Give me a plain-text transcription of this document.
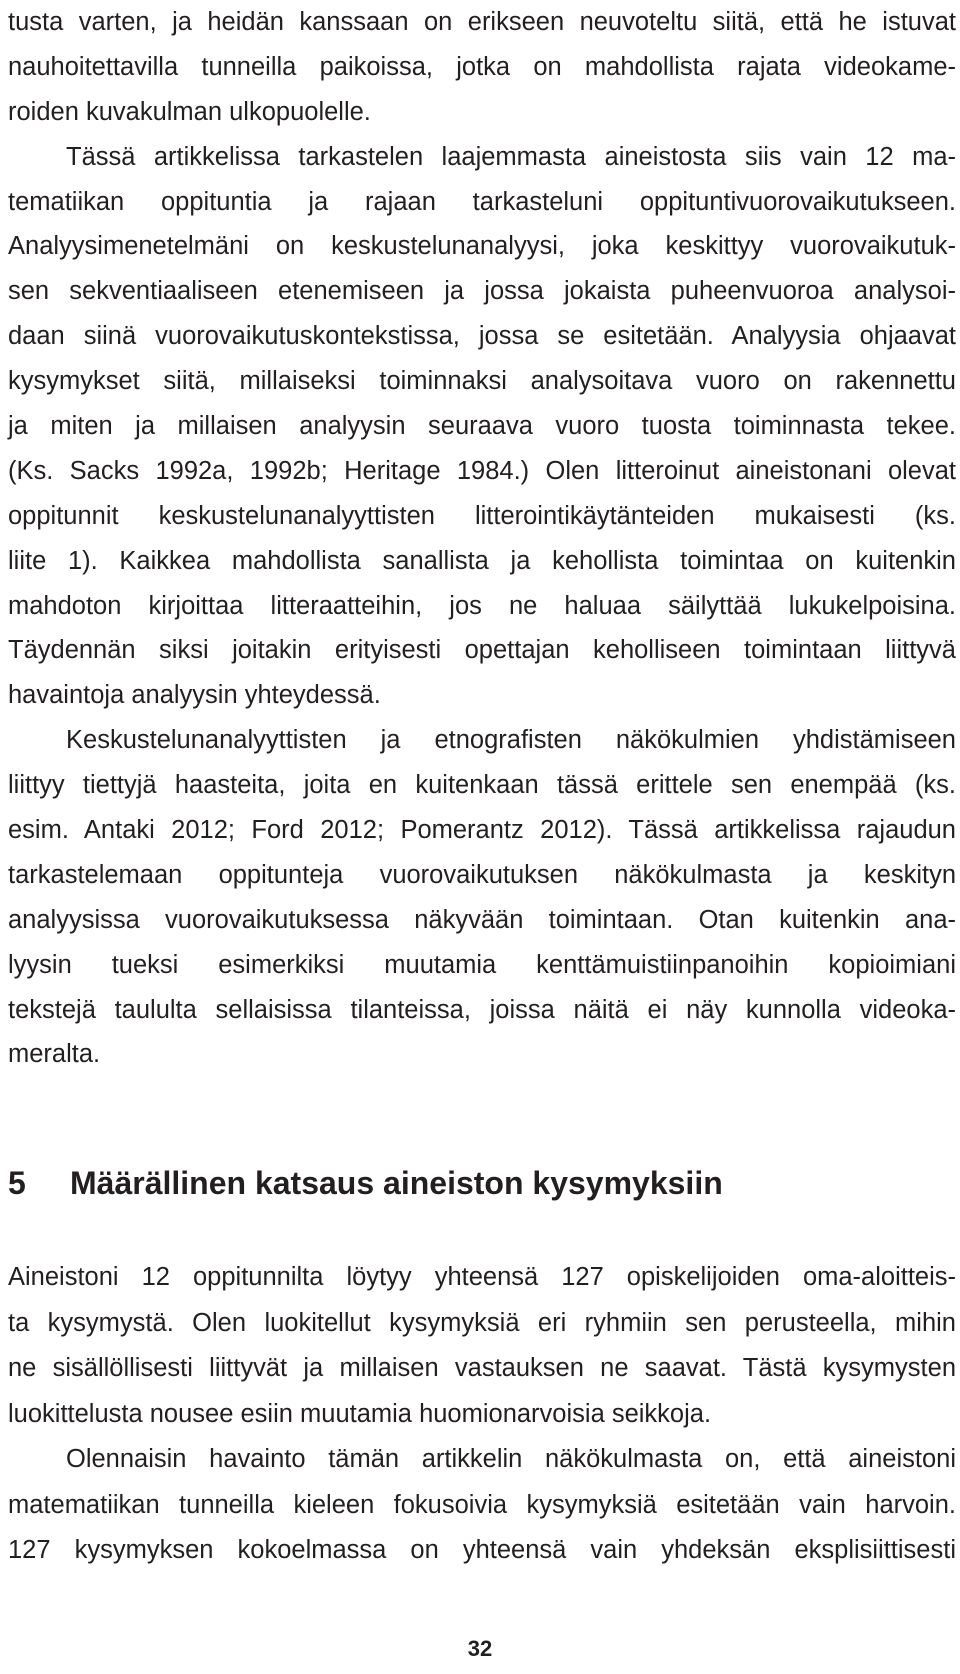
tusta varten, ja heidän kanssaan on erikseen neuvoteltu siitä, että he istuvat
nauhoitettavilla tunneilla paikoissa, jotka on mahdollista rajata videokame-
roiden kuvakulman ulkopuolelle.
Tässä artikkelissa tarkastelen laajemmasta aineistosta siis vain 12 ma-
tematiikan oppituntia ja rajaan tarkasteluni oppituntivuorovaikutukseen.
Analyysimenetelmäni on keskustelunanalyysi, joka keskittyy vuorovaikutuk-
sen sekventiaaliseen etenemiseen ja jossa jokaista puheenvuoroa analysoi-
daan siinä vuorovaikutuskontekstissa, jossa se esitetään. Analyysia ohjaavat
kysymykset siitä, millaiseksi toiminnaksi analysoitava vuoro on rakennettu
ja miten ja millaisen analyysin seuraava vuoro tuosta toiminnasta tekee.
(Ks. Sacks 1992a, 1992b; Heritage 1984.) Olen litteroinut aineistonani olevat
oppitunnit keskustelunanalyyttisten litterointikäytänteiden mukaisesti (ks.
liite 1). Kaikkea mahdollista sanallista ja kehollista toimintaa on kuitenkin
mahdoton kirjoittaa litteraatteihin, jos ne haluaa säilyttää lukukelpoisina.
Täydennän siksi joitakin erityisesti opettajan keholliseen toimintaan liittyvä
havaintoja analyysin yhteydessä.
Keskustelunanalyyttisten ja etnografisten näkökulmien yhdistämiseen
liittyy tiettyjä haasteita, joita en kuitenkaan tässä erittele sen enempää (ks.
esim. Antaki 2012; Ford 2012; Pomerantz 2012). Tässä artikkelissa rajaudun
tarkastelemaan oppitunteja vuorovaikutuksen näkökulmasta ja keskityn
analyysissa vuorovaikutuksessa näkyvään toimintaan. Otan kuitenkin ana-
lyysin tueksi esimerkiksi muutamia kenttämuistiinpanoihin kopioimiani
tekstejä taululta sellaisissa tilanteissa, joissa näitä ei näy kunnolla videoka-
meralta.
5 Määrällinen katsaus aineiston kysymyksiin
Aineistoni 12 oppitunnilta löytyy yhteensä 127 opiskelijoiden oma-aloitteis-
ta kysymystä. Olen luokitellut kysymyksiä eri ryhmiin sen perusteella, mihin
ne sisällöllisesti liittyvät ja millaisen vastauksen ne saavat. Tästä kysymysten
luokittelusta nousee esiin muutamia huomionarvoisia seikkoja.
Olennaisin havainto tämän artikkelin näkökulmasta on, että aineistoni
matematiikan tunneilla kieleen fokusoivia kysymyksiä esitetään vain harvoin.
127 kysymyksen kokoelmassa on yhteensä vain yhdeksän eksplisiittisesti
32
